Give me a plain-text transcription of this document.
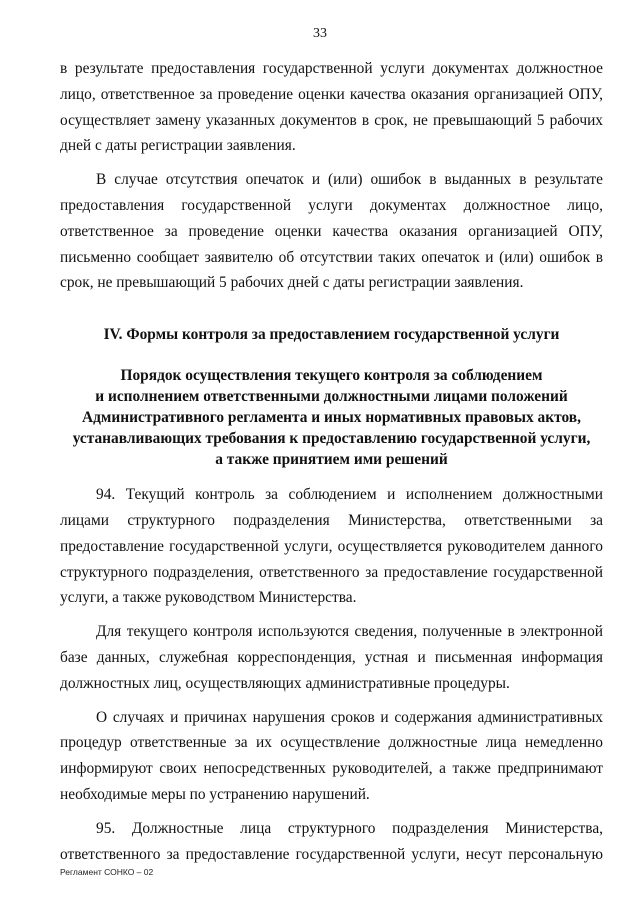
33

в результате предоставления государственной услуги документах должностное лицо, ответственное за проведение оценки качества оказания организацией ОПУ, осуществляет замену указанных документов в срок, не превышающий 5 рабочих дней с даты регистрации заявления.

В случае отсутствия опечаток и (или) ошибок в выданных в результате предоставления государственной услуги документах должностное лицо, ответственное за проведение оценки качества оказания организацией ОПУ, письменно сообщает заявителю об отсутствии таких опечаток и (или) ошибок в срок, не превышающий 5 рабочих дней с даты регистрации заявления.

IV. Формы контроля за предоставлением государственной услуги
Порядок осуществления текущего контроля за соблюдением
и исполнением ответственными должностными лицами положений
Административного регламента и иных нормативных правовых актов,
устанавливающих требования к предоставлению государственной услуги,
а также принятием ими решений

94. Текущий контроль за соблюдением и исполнением должностными лицами структурного подразделения Министерства, ответственными за предоставление государственной услуги, осуществляется руководителем данного структурного подразделения, ответственного за предоставление государственной услуги, а также руководством Министерства.

Для текущего контроля используются сведения, полученные в электронной базе данных, служебная корреспонденция, устная и письменная информация должностных лиц, осуществляющих административные процедуры.

О случаях и причинах нарушения сроков и содержания административных процедур ответственные за их осуществление должностные лица немедленно информируют своих непосредственных руководителей, а также предпринимают необходимые меры по устранению нарушений.

95. Должностные лица структурного подразделения Министерства, ответственного за предоставление государственной услуги, несут персональную

Регламент СОНКО – 02
